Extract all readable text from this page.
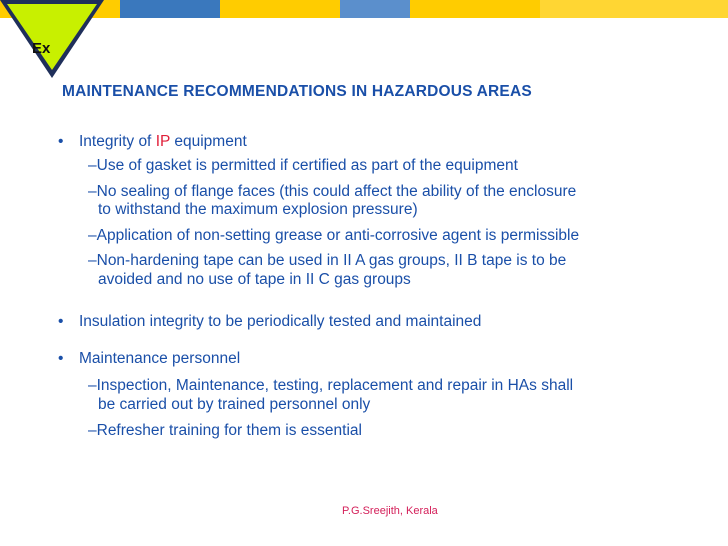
Ex
MAINTENANCE RECOMMENDATIONS IN HAZARDOUS AREAS
• Integrity of IP equipment
–Use of gasket is permitted if certified as part of the equipment
–No sealing of flange faces (this could affect the ability of the enclosure
to withstand the maximum explosion pressure)
–Application of non-setting grease or anti-corrosive agent is permissible
–Non-hardening tape can be used in II A gas groups, II B tape is to be
avoided and no use of tape in II C gas groups
• Insulation integrity to be periodically tested and maintained
• Maintenance personnel
–Inspection, Maintenance, testing, replacement and repair in HAs shall
be carried out by trained personnel only
–Refresher training for them is essential
P.G.Sreejith, Kerala
